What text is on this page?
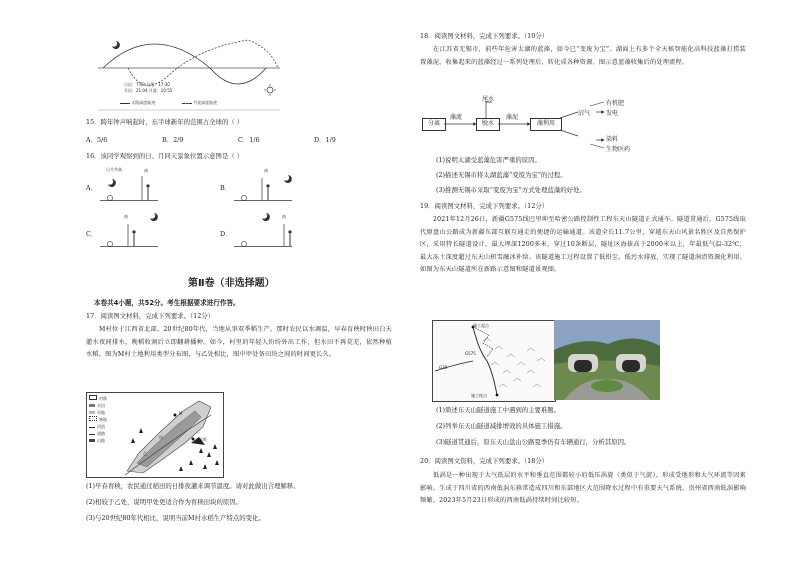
日出：7:03 日落：17:30
月出：21:04 月落：10:55
太阳高度轨迹	月亮高度轨迹
15．跨年钟声响起时，东半球新年的范围占全球的（ ）
A．5/6	B．2/9	C．1/6	D．1/9
16．该同学观察到的日、月同天景象位置示意图是（ ）
A．
日月共高	南
B．
南
C．
南
D．
南
第Ⅱ卷（非选择题）
本卷共4小题，共52分。考生根据要求进行作答。
17．阅读图文材料，完成下列要求。（12分）
M村位于江西省北部，20世纪80年代，当地从事双季稻生产。那时农民以水调温，早春育秧时秧田白天灌水夜间排水，晚稻收割后立即翻耕播种。如今，村里的年轻人纷纷外出工作，但水田不再荒芜，依然种植水稻。图为M村土地利用类型分布图，与乙处相比，图中甲处备田块之间的时间更长久。
村落
水田
旱地
林地
河流
道路
山地
M
甲
乙
水库
(1)早春育秧，农民通过稻田的日排夜灌来调节温度。请对此做出合理解释。
(2)相较于乙处，说明甲处更适合作为育秧田块的原因。
(3)与20世纪80年代相比，说明当前M村水稻生产特点的变化。
18．阅读图文材料，完成下列要求。（10分）
在江苏省无锡市，前些年危害太湖的蓝藻，如今已“变废为宝”。湖面上有多个全天候智能化高科技蓝藻打捞装置藻泥，收集起来的蓝藻经过一系列处理后，转化成各种资源。图示意蓝藻收集后的处理流程。
分离	脱水	藻利用
尾水
藻流	藻泥
沼气
有机肥
发电
染料
生物医药
(1)说明太湖受蓝藻危害严重的原因。
(2)描述无锡市将太湖蓝藻“变废为宝”的过程。
(3)推测无锡市采取“变废为宝”方式处理蓝藻的好处。
19．阅读图文材料，完成下列要求。（12分）
2021年12月26日，新疆G575线巴里坤至哈密公路控制性工程东天山隧道正式通车。隧道贯通后，G575线取代原盘山公路成为新疆东部互联互通走的便捷的运输通道。该道全长11.7公里，穿越东天山风景名胜区及自然保护区，采用特长隧道设计，最大埋深1200多米，穿过10条断层，隧址区海拔高于2000米以上，年最低气温-32℃，最大冻土深度超过东天山积雪融冰补给。该隧道施工过程设置了低铅尘、低污水排放，实现了隧道洞渣资源化利用。如图为东天山隧道所在新路示意图和隧道景观图。
施工起点
G575
G30
施工终点
(1)简述东天山隧道施工中遇到的主要难题。
(2)列举东天山隧道减排增效的具体施工措施。
(3)隧道贯通后，原东天山盘山公路夏季仍有车辆通行，分析其原因。
20．阅读图文资料，完成下列要求。（18分）
低涡是一种出现于大气低层的水平和垂直范围都较小的低压涡旋（类似于气旋）。形成受地形和大气环流等因素影响。生成于四川省的西南低涡东移常造成四川和东部地区大范围降水过程中有重要天气系统，贵州省西南低涡影响频繁。2023年5月23日形成的西南低涡持续时间比较短。
